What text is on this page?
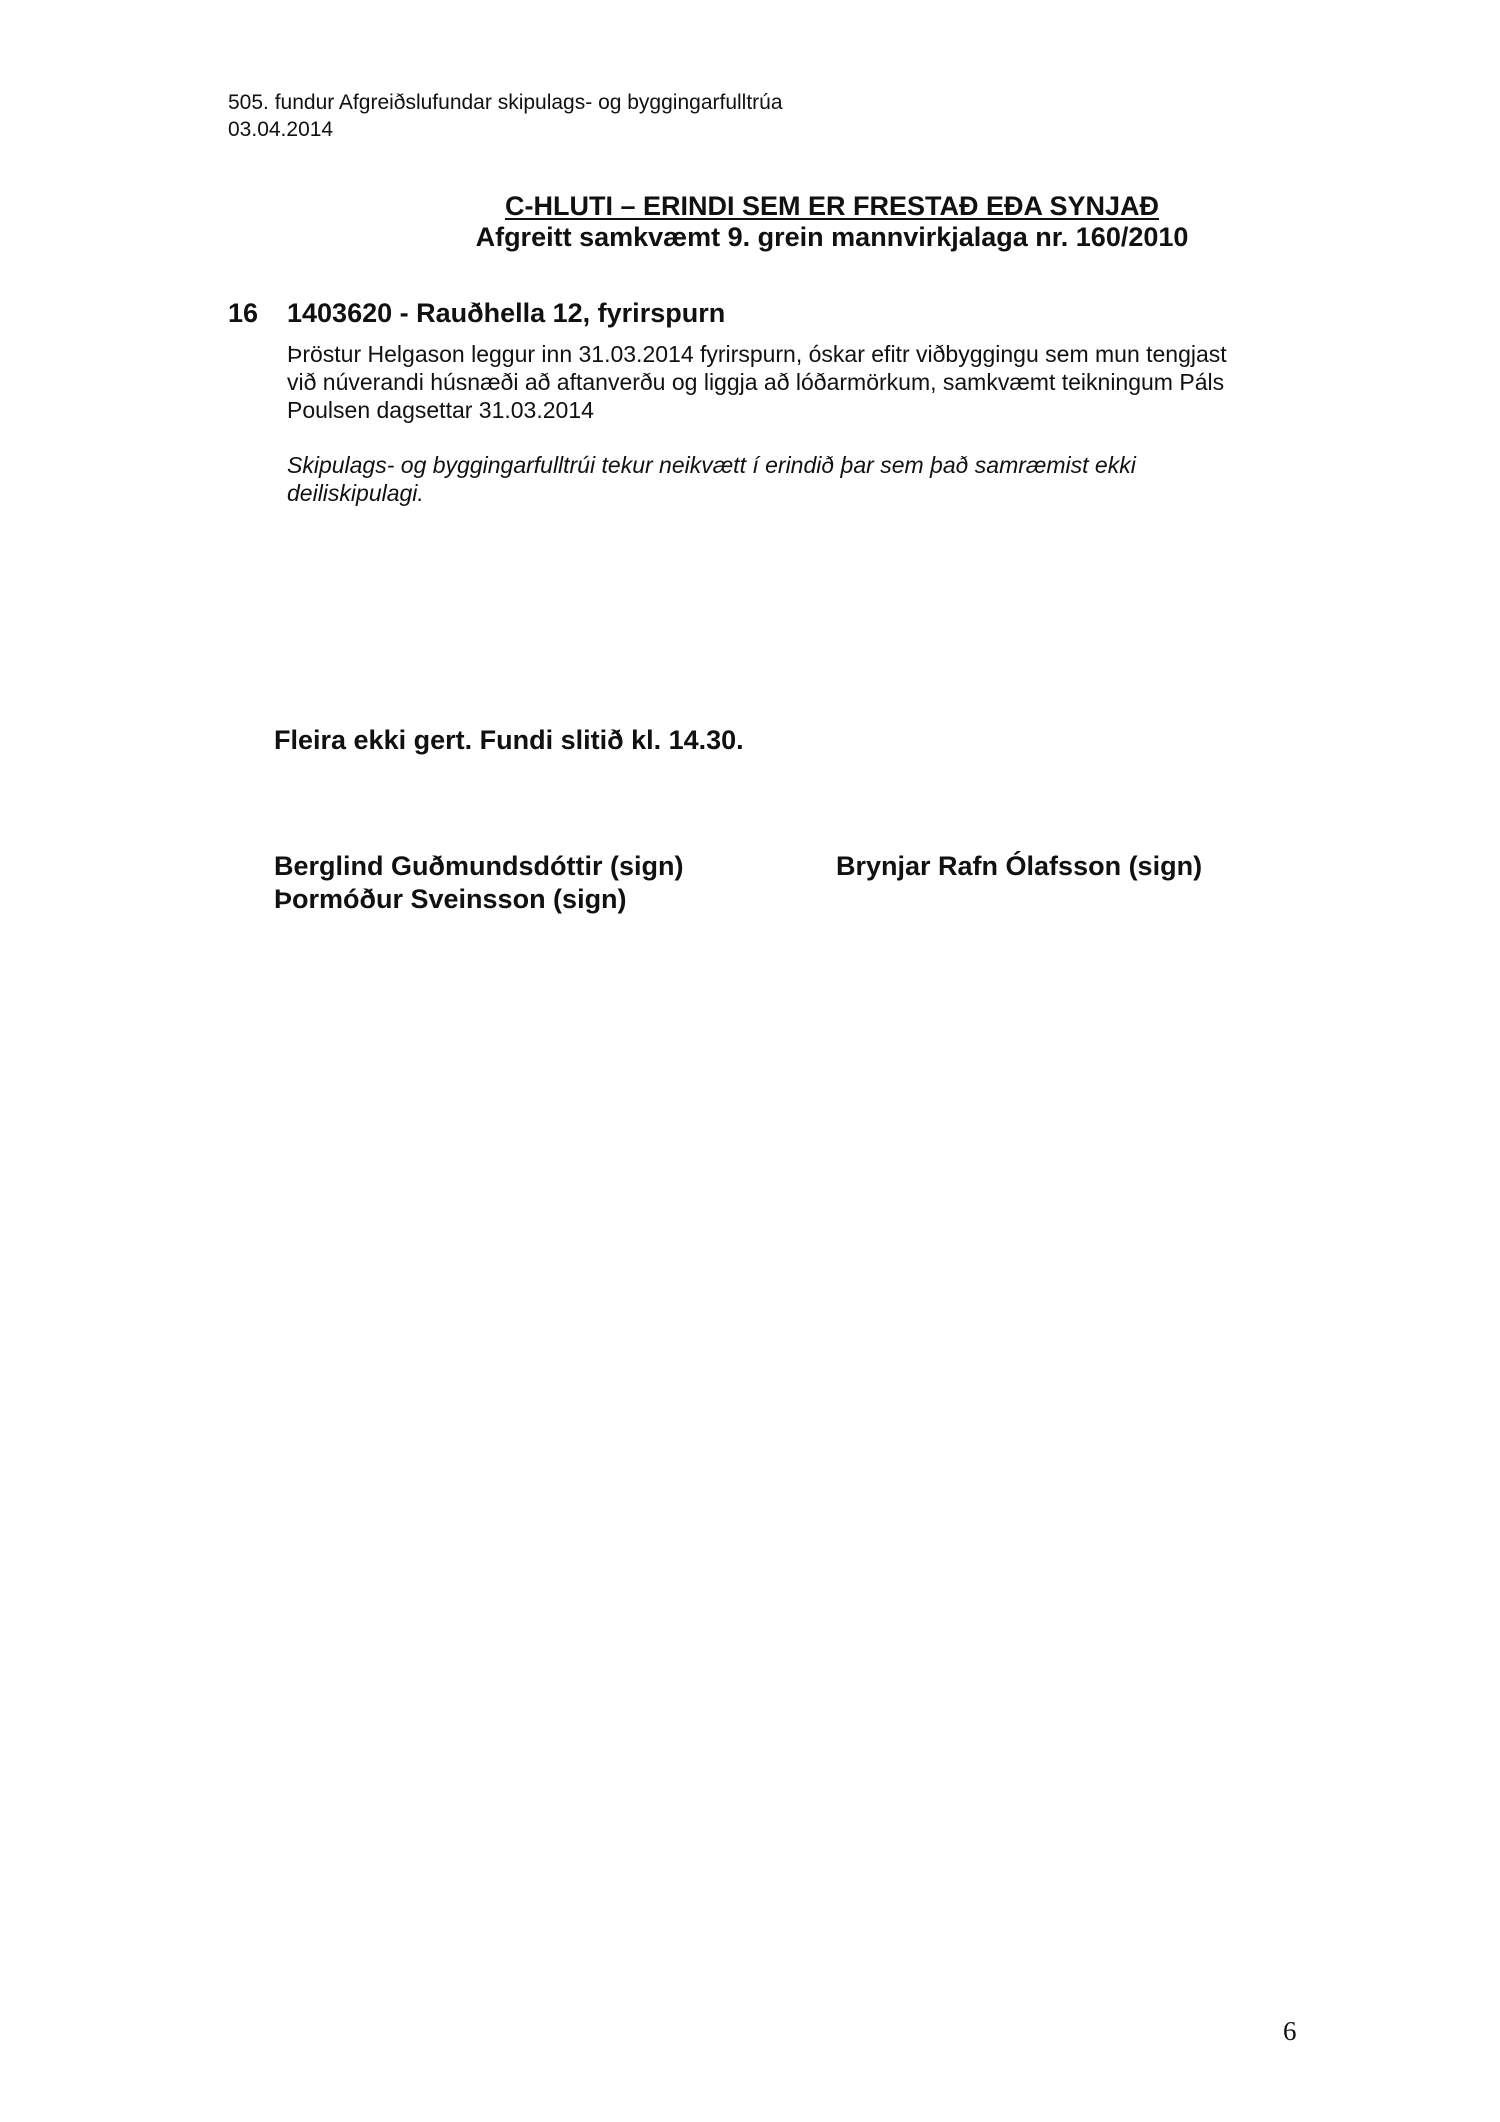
505. fundur Afgreiðslufundar skipulags- og byggingarfulltrúa
03.04.2014
C-HLUTI – ERINDI SEM ER FRESTAÐ EÐA SYNJAÐ
Afgreitt samkvæmt 9. grein mannvirkjalaga nr. 160/2010
16 1403620 - Rauðhella 12, fyrirspurn
Þröstur Helgason leggur inn 31.03.2014 fyrirspurn, óskar efitr viðbyggingu sem mun tengjast við núverandi húsnæði að aftanverðu og liggja að lóðarmörkum, samkvæmt teikningum Páls Poulsen dagsettar 31.03.2014
Skipulags- og byggingarfulltrúi tekur neikvætt í erindið þar sem það samræmist ekki deiliskipulagi.
Fleira ekki gert. Fundi slitið kl. 14.30.
Berglind Guðmundsdóttir (sign)
Þormóður Sveinsson (sign)
Brynjar Rafn Ólafsson (sign)
6
